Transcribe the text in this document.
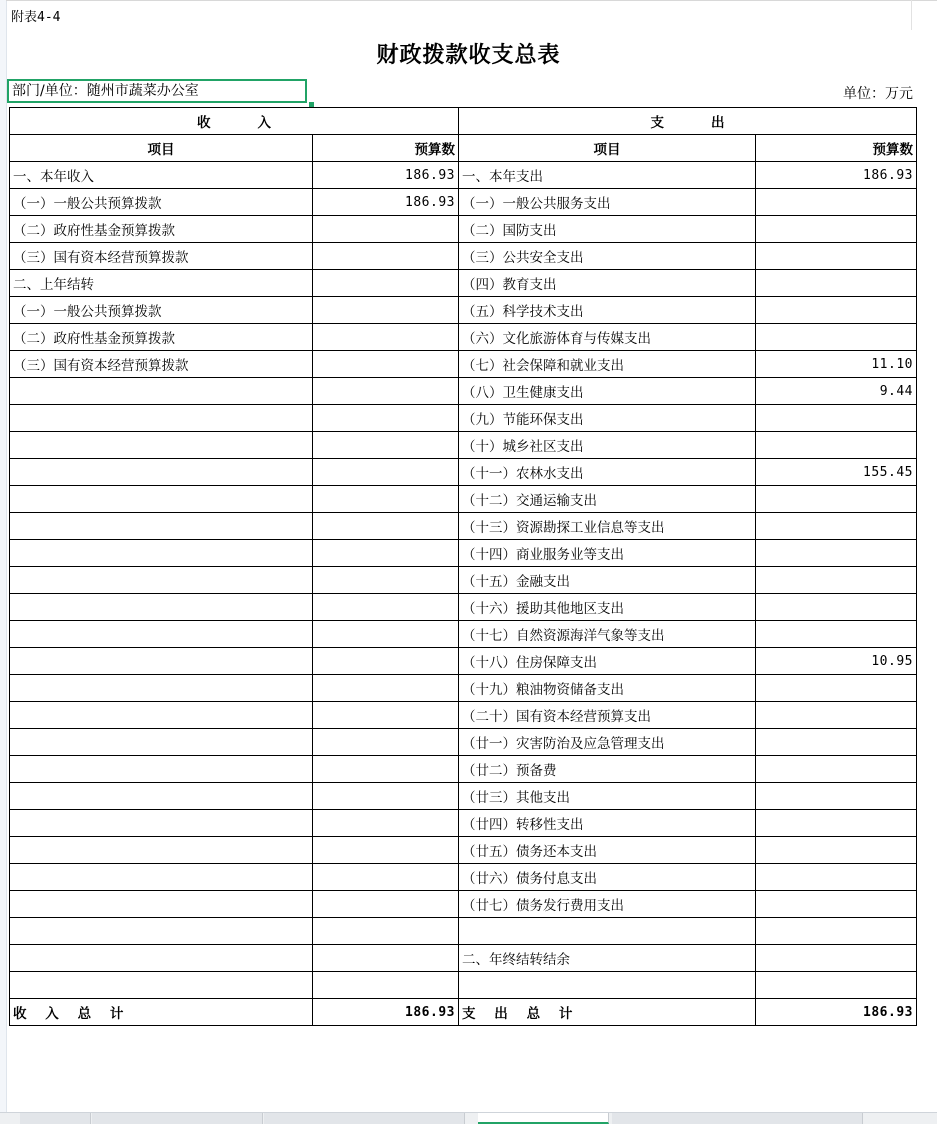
附表4-4
财政拨款收支总表
部门/单位：随州市蔬菜办公室	单位：万元
收          入		支          出	
项目	预算数	项目	预算数
一、本年收入	186.93	一、本年支出	186.93
（一）一般公共预算拨款	186.93	（一）一般公共服务支出	
（二）政府性基金预算拨款		（二）国防支出	
（三）国有资本经营预算拨款		（三）公共安全支出	
二、上年结转		（四）教育支出	
（一）一般公共预算拨款		（五）科学技术支出	
（二）政府性基金预算拨款		（六）文化旅游体育与传媒支出	
（三）国有资本经营预算拨款		（七）社会保障和就业支出	11.10
		（八）卫生健康支出	9.44
		（九）节能环保支出	
		（十）城乡社区支出	
		（十一）农林水支出	155.45
		（十二）交通运输支出	
		（十三）资源勘探工业信息等支出	
		（十四）商业服务业等支出	
		（十五）金融支出	
		（十六）援助其他地区支出	
		（十七）自然资源海洋气象等支出	
		（十八）住房保障支出	10.95
		（十九）粮油物资储备支出	
		（二十）国有资本经营预算支出	
		（廿一）灾害防治及应急管理支出	
		（廿二）预备费	
		（廿三）其他支出	
		（廿四）转移性支出	
		（廿五）债务还本支出	
		（廿六）债务付息支出	
		（廿七）债务发行费用支出	

		二、年终结转结余	

收    入    总    计	186.93	支    出    总    计	186.93
